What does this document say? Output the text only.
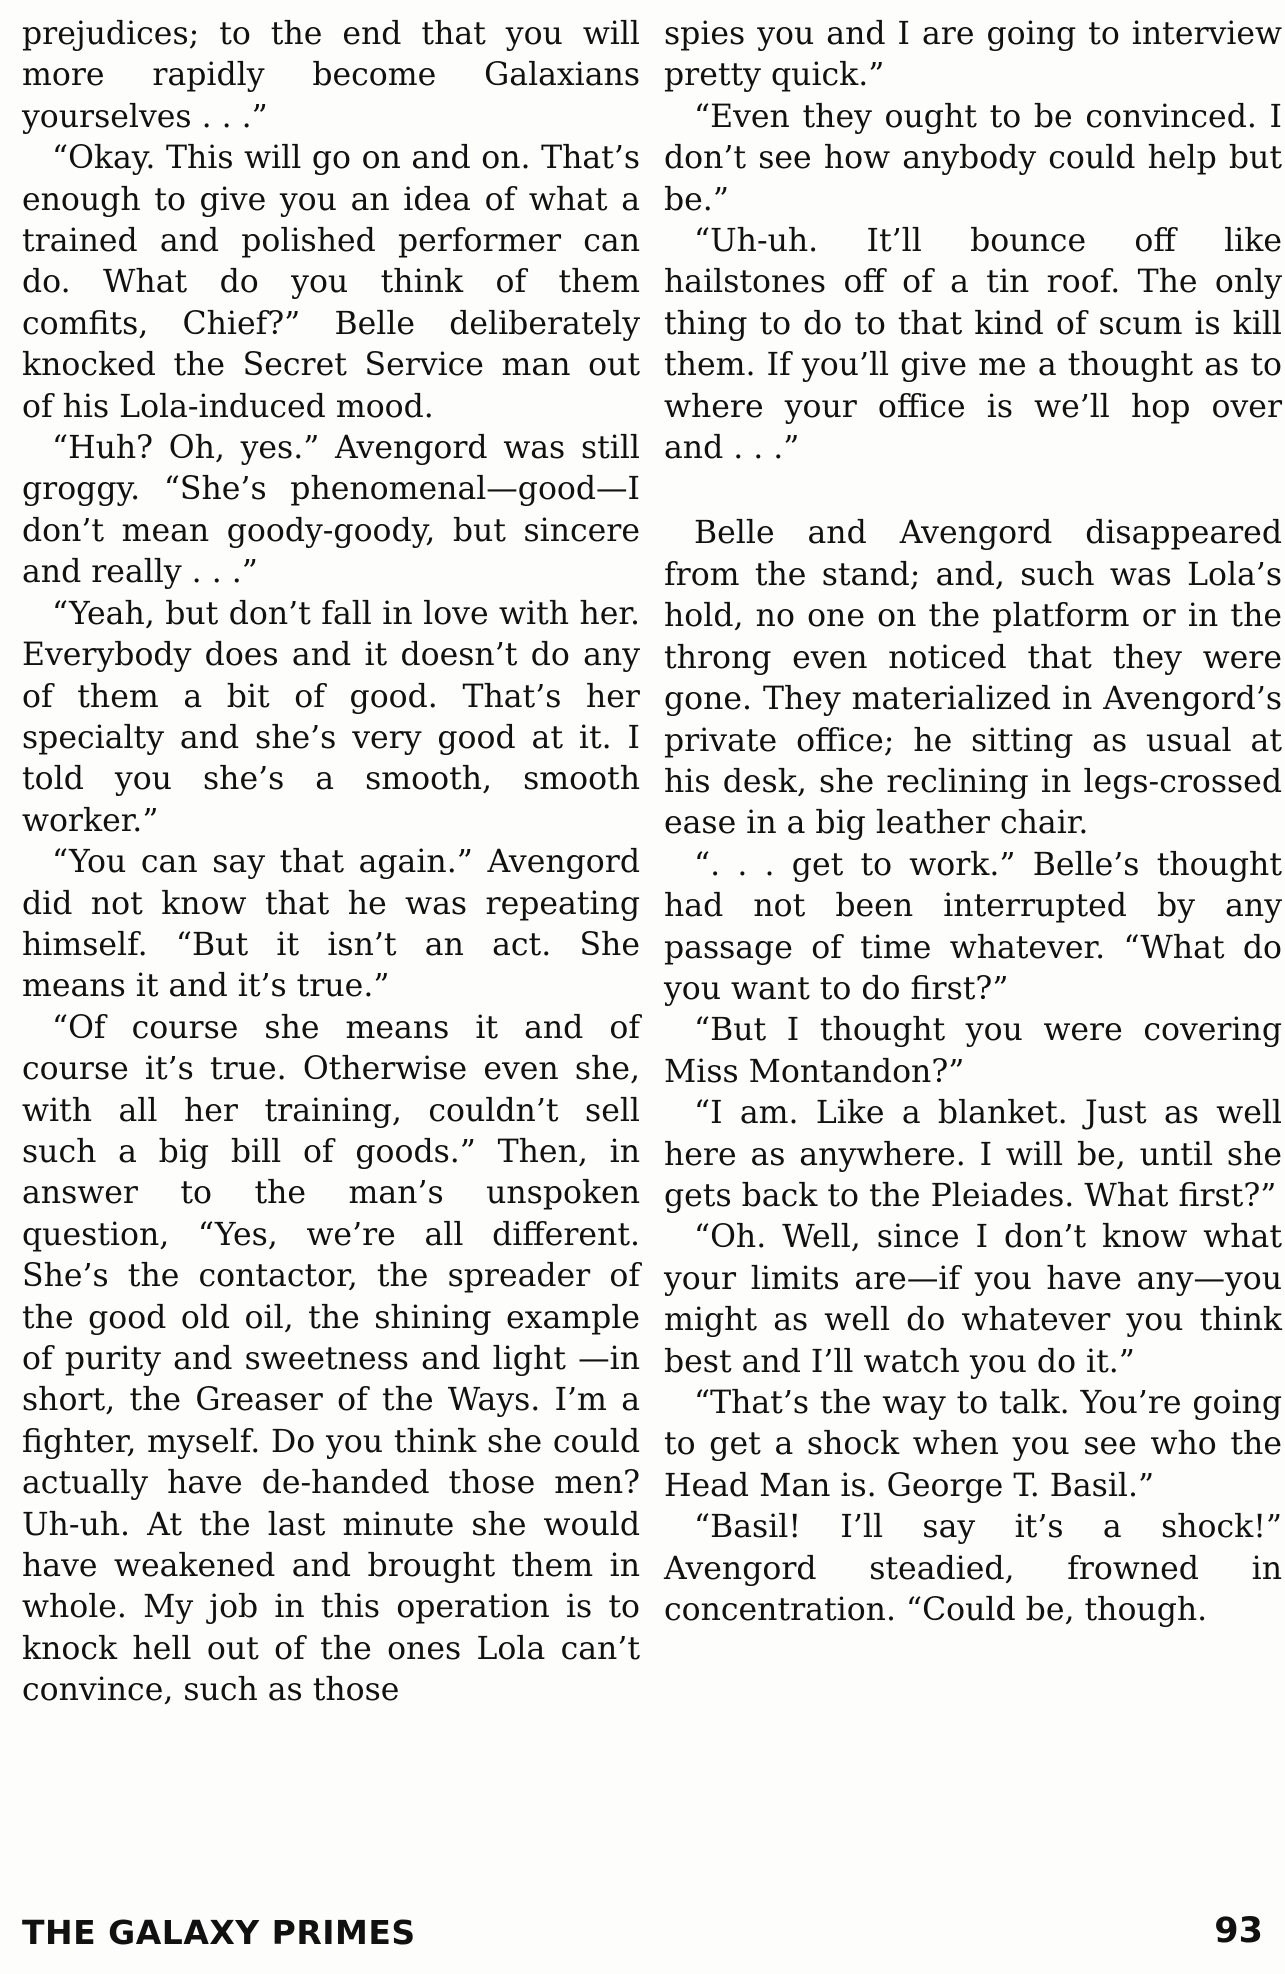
prejudices; to the end that you will more rapidly become Galaxians yourselves . . .”

“Okay. This will go on and on. That’s enough to give you an idea of what a trained and polished performer can do. What do you think of them comfits, Chief?” Belle deliberately knocked the Secret Service man out of his Lola-induced mood.

“Huh? Oh, yes.” Avengord was still groggy. “She’s phenomenal—good—I don’t mean goody-goody, but sincere and really . . .”

“Yeah, but don’t fall in love with her. Everybody does and it doesn’t do any of them a bit of good. That’s her specialty and she’s very good at it. I told you she’s a smooth, smooth worker.”

“You can say that again.” Avengord did not know that he was repeating himself. “But it isn’t an act. She means it and it’s true.”

“Of course she means it and of course it’s true. Otherwise even she, with all her training, couldn’t sell such a big bill of goods.” Then, in answer to the man’s unspoken question, “Yes, we’re all different. She’s the contactor, the spreader of the good old oil, the shining example of purity and sweetness and light —in short, the Greaser of the Ways. I’m a fighter, myself. Do you think she could actually have de-handed those men? Uh-uh. At the last minute she would have weakened and brought them in whole. My job in this operation is to knock hell out of the ones Lola can’t convince, such as those

spies you and I are going to interview pretty quick.”

“Even they ought to be convinced. I don’t see how anybody could help but be.”

“Uh-uh. It’ll bounce off like hailstones off of a tin roof. The only thing to do to that kind of scum is kill them. If you’ll give me a thought as to where your office is we’ll hop over and . . .”

Belle and Avengord disappeared from the stand; and, such was Lola’s hold, no one on the platform or in the throng even noticed that they were gone. They materialized in Avengord’s private office; he sitting as usual at his desk, she reclining in legs-crossed ease in a big leather chair.

“. . . get to work.” Belle’s thought had not been interrupted by any passage of time whatever. “What do you want to do first?”

“But I thought you were covering Miss Montandon?”

“I am. Like a blanket. Just as well here as anywhere. I will be, until she gets back to the Pleiades. What first?”

“Oh. Well, since I don’t know what your limits are—if you have any—you might as well do whatever you think best and I’ll watch you do it.”

“That’s the way to talk. You’re going to get a shock when you see who the Head Man is. George T. Basil.”

“Basil! I’ll say it’s a shock!” Avengord steadied, frowned in concentration. “Could be, though.

THE GALAXY PRIMES	93
